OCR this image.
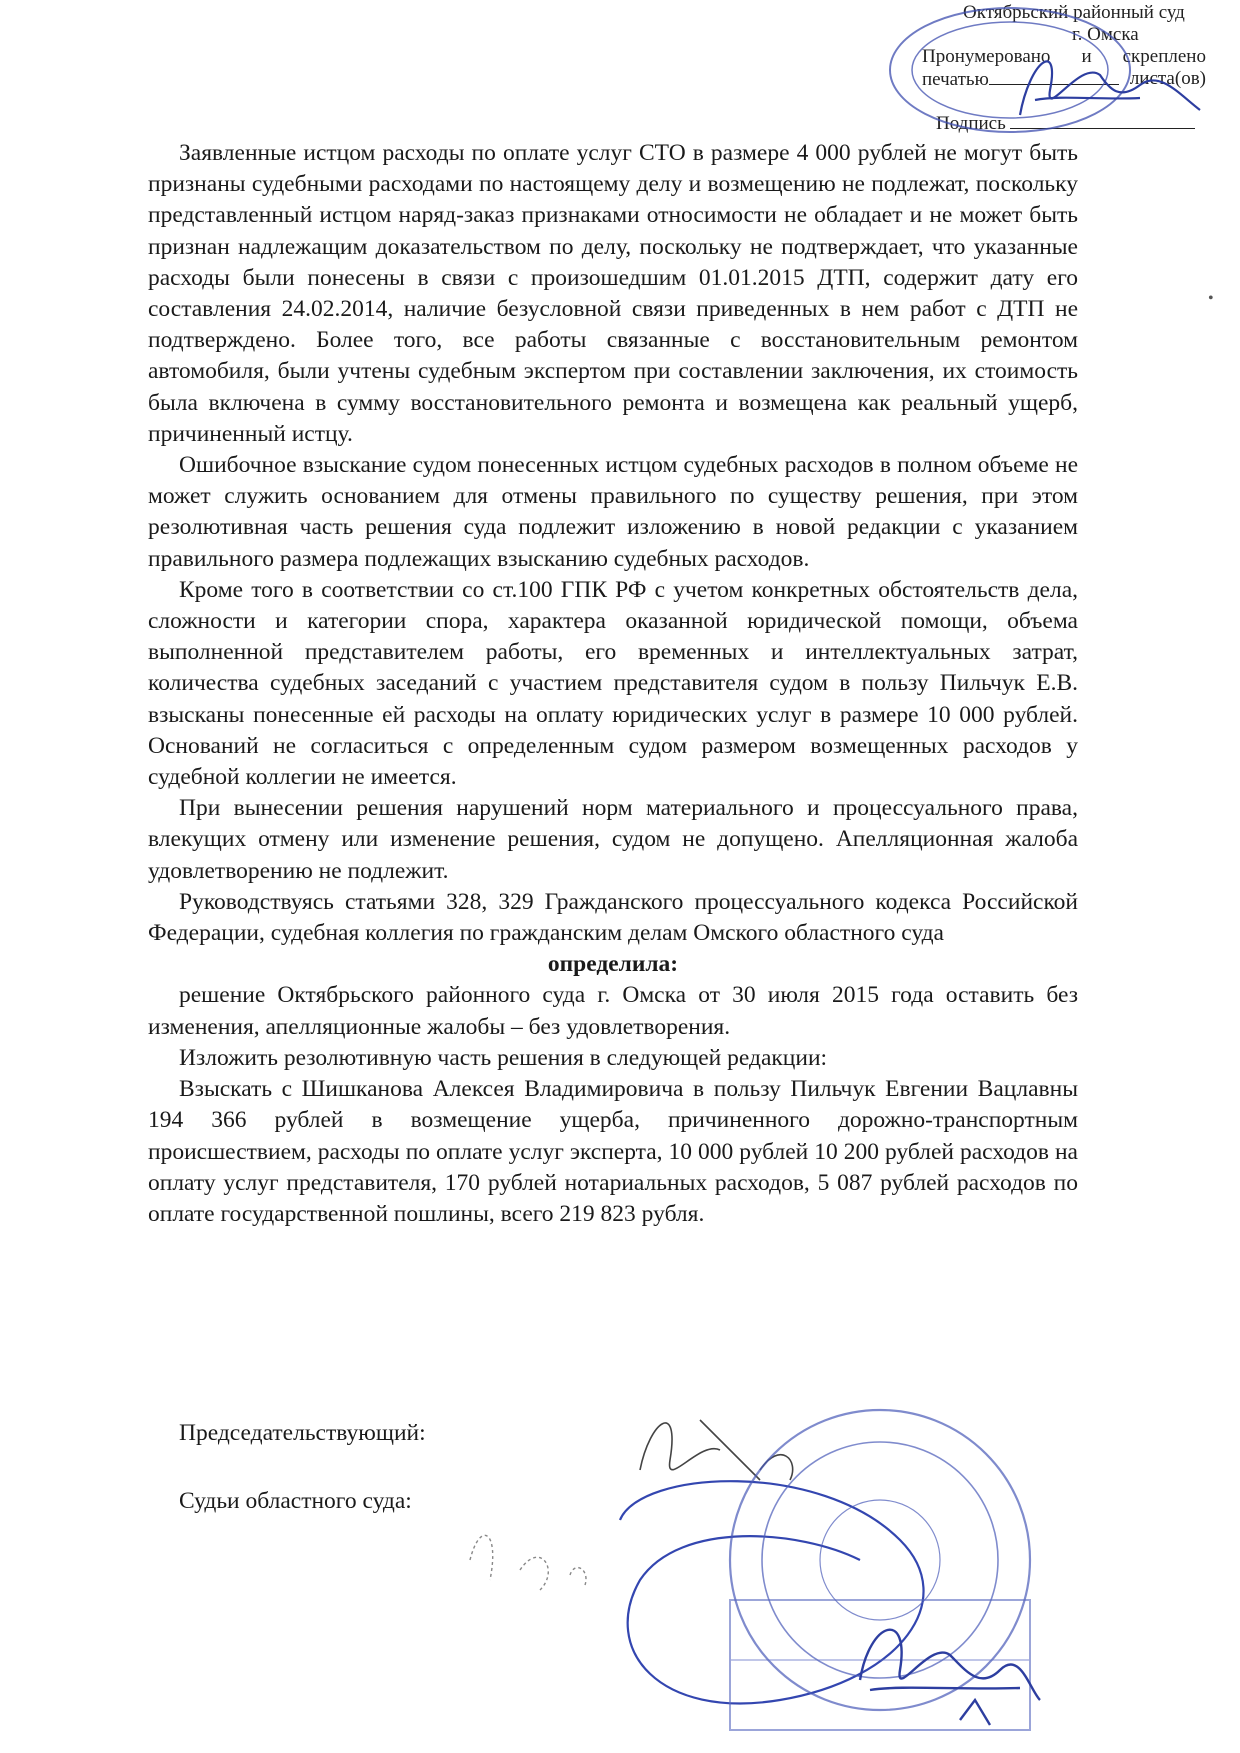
Октябрьский районный суд
г. Омска
Пронумеровано и скреплено
печатью	листа(ов)
Подпись

Заявленные истцом расходы по оплате услуг СТО в размере 4 000 рублей не могут быть признаны судебными расходами по настоящему делу и возмещению не подлежат, поскольку представленный истцом наряд-заказ признаками относимости не обладает и не может быть признан надлежащим доказательством по делу, поскольку не подтверждает, что указанные расходы были понесены в связи с произошедшим 01.01.2015 ДТП, содержит дату его составления 24.02.2014, наличие безусловной связи приведенных в нем работ с ДТП не подтверждено. Более того, все работы связанные с восстановительным ремонтом автомобиля, были учтены судебным экспертом при составлении заключения, их стоимость была включена в сумму восстановительного ремонта и возмещена как реальный ущерб, причиненный истцу.

Ошибочное взыскание судом понесенных истцом судебных расходов в полном объеме не может служить основанием для отмены правильного по существу решения, при этом резолютивная часть решения суда подлежит изложению в новой редакции с указанием правильного размера подлежащих взысканию судебных расходов.

Кроме того в соответствии со ст.100 ГПК РФ с учетом конкретных обстоятельств дела, сложности и категории спора, характера оказанной юридической помощи, объема выполненной представителем работы, его временных и интеллектуальных затрат, количества судебных заседаний с участием представителя судом в пользу Пильчук Е.В. взысканы понесенные ей расходы на оплату юридических услуг в размере 10 000 рублей. Оснований не согласиться с определенным судом размером возмещенных расходов у судебной коллегии не имеется.

При вынесении решения нарушений норм материального и процессуального права, влекущих отмену или изменение решения, судом не допущено. Апелляционная жалоба удовлетворению не подлежит.

Руководствуясь статьями 328, 329 Гражданского процессуального кодекса Российской Федерации, судебная коллегия по гражданским делам Омского областного суда

определила:

решение Октябрьского районного суда г. Омска от 30 июля 2015 года оставить без изменения, апелляционные жалобы – без удовлетворения.

Изложить резолютивную часть решения в следующей редакции:

Взыскать с Шишканова Алексея Владимировича в пользу Пильчук Евгении Вацлавны 194 366 рублей в возмещение ущерба, причиненного дорожно-транспортным происшествием, расходы по оплате услуг эксперта, 10 000 рублей 10 200 рублей расходов на оплату услуг представителя, 170 рублей нотариальных расходов, 5 087 рублей расходов по оплате государственной пошлины, всего 219 823 рубля.

Председательствующий:
Судьи областного суда:
•
